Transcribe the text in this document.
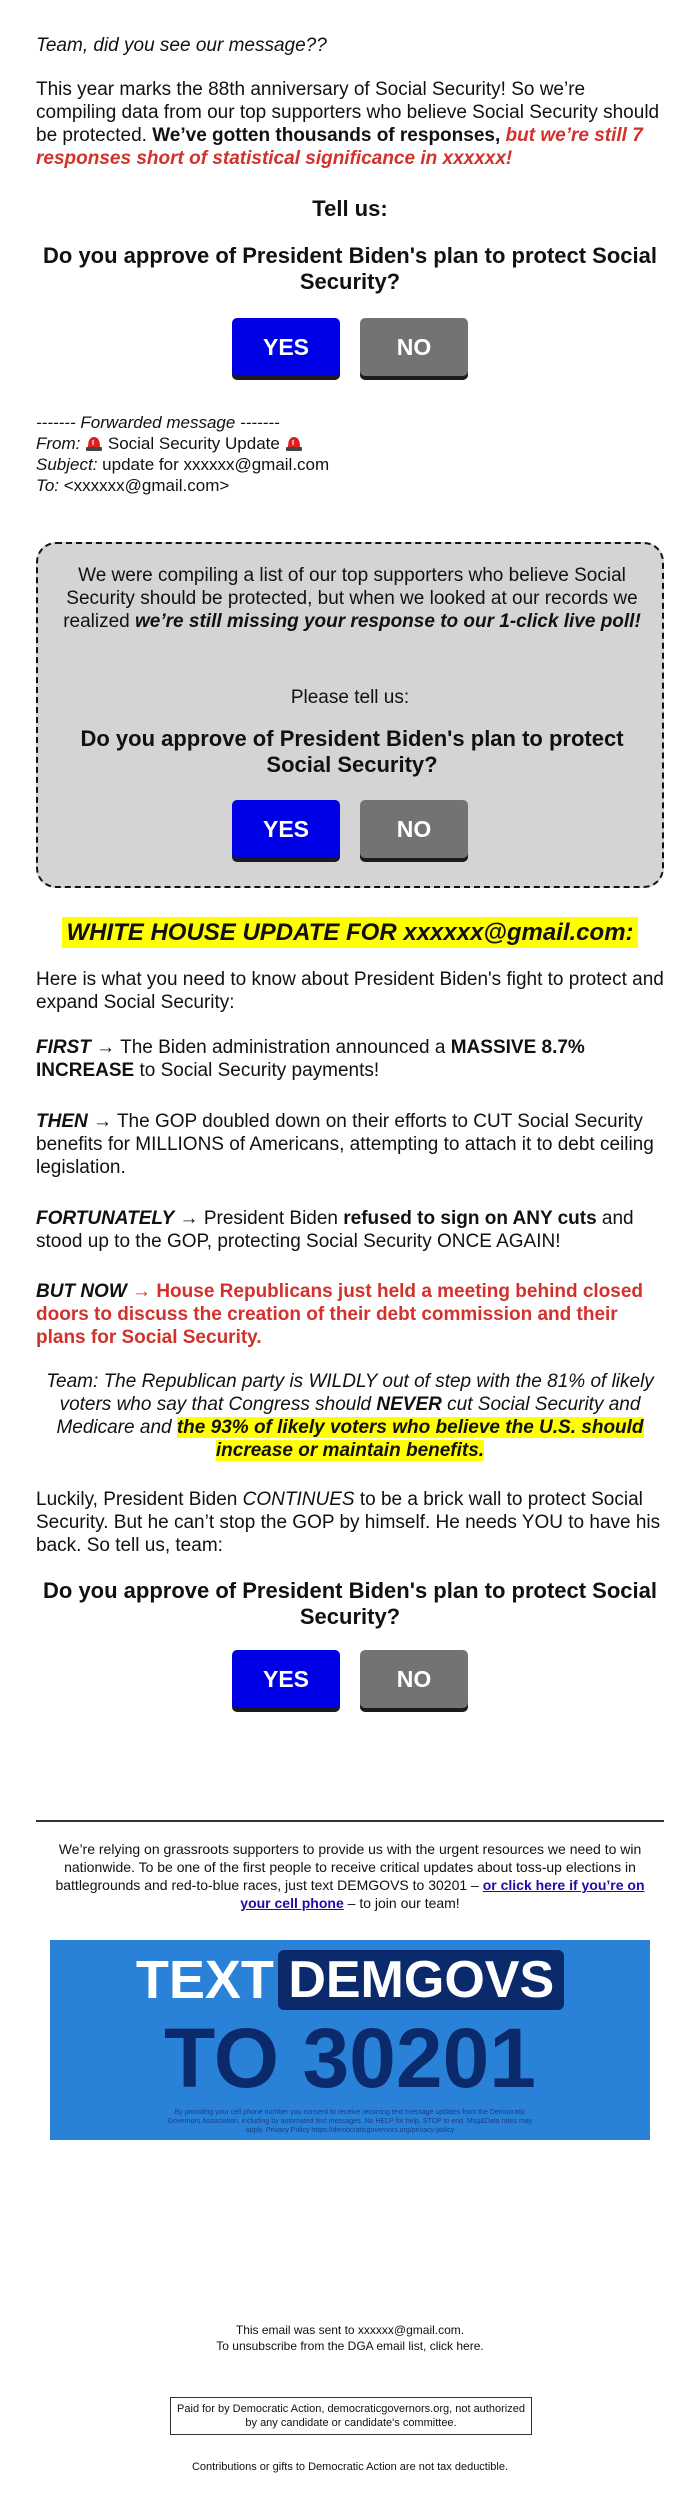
Team, did you see our message??

This year marks the 88th anniversary of Social Security! So we’re compiling data from our top supporters who believe Social Security should be protected. We’ve gotten thousands of responses, but we’re still 7 responses short of statistical significance in xxxxxx!

Tell us:

Do you approve of President Biden's plan to protect Social Security?

YES	NO
------- Forwarded message -------
From: Social Security Update
Subject: update for xxxxxx@gmail.com
To: <xxxxxx@gmail.com>

We were compiling a list of our top supporters who believe Social Security should be protected, but when we looked at our records we realized we’re still missing your response to our 1-click live poll!

Please tell us:

Do you approve of President Biden's plan to protect Social Security?

YES	NO
WHITE HOUSE UPDATE FOR xxxxxx@gmail.com:

Here is what you need to know about President Biden's fight to protect and expand Social Security:

FIRST → The Biden administration announced a MASSIVE 8.7% INCREASE to Social Security payments!

THEN → The GOP doubled down on their efforts to CUT Social Security benefits for MILLIONS of Americans, attempting to attach it to debt ceiling legislation.

FORTUNATELY → President Biden refused to sign on ANY cuts and stood up to the GOP, protecting Social Security ONCE AGAIN!

BUT NOW → House Republicans just held a meeting behind closed doors to discuss the creation of their debt commission and their plans for Social Security.

Team: The Republican party is WILDLY out of step with the 81% of likely voters who say that Congress should NEVER cut Social Security and Medicare and the 93% of likely voters who believe the U.S. should increase or maintain benefits.

Luckily, President Biden CONTINUES to be a brick wall to protect Social Security. But he can’t stop the GOP by himself. He needs YOU to have his back. So tell us, team:

Do you approve of President Biden's plan to protect Social Security?

YES	NO

We’re relying on grassroots supporters to provide us with the urgent resources we need to win nationwide. To be one of the first people to receive critical updates about toss-up elections in battlegrounds and red-to-blue races, just text DEMGOVS to 30201 – or click here if you’re on your cell phone – to join our team!

TEXT DEMGOVS
TO 30201
By providing your cell phone number you consent to receive recurring text message updates from the Democratic Governors Association, including by automated text messages. No HELP for help, STOP to end. Msg&Data rates may apply. Privacy Policy https://democraticgovernors.org/privacy-policy
This email was sent to xxxxxx@gmail.com.
To unsubscribe from the DGA email list, click here.
Paid for by Democratic Action, democraticgovernors.org, not authorized by any candidate or candidate's committee.
Contributions or gifts to Democratic Action are not tax deductible.
